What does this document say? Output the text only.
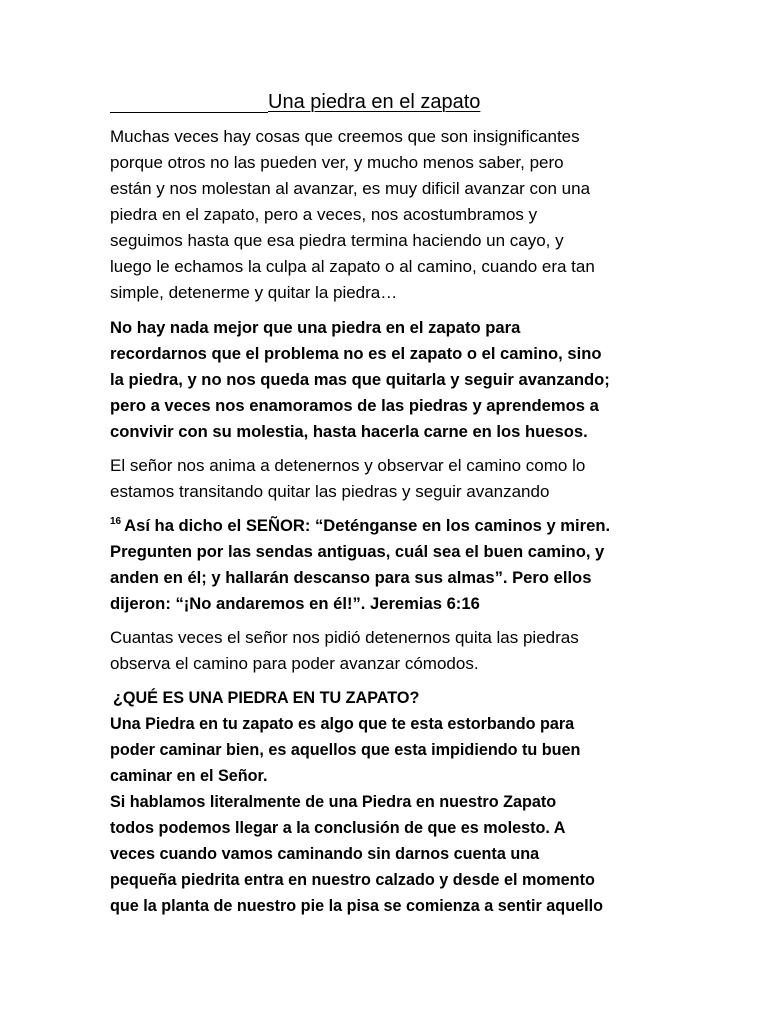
Una piedra en el zapato

Muchas veces hay cosas que creemos que son insignificantes
porque otros no las pueden ver, y mucho menos saber, pero
están y nos molestan al avanzar, es muy dificil avanzar con una
piedra en el zapato, pero a veces, nos acostumbramos y
seguimos hasta que esa piedra termina haciendo un cayo, y
luego le echamos la culpa al zapato o al camino, cuando era tan
simple, detenerme y quitar la piedra…

No hay nada mejor que una piedra en el zapato para
recordarnos que el problema no es el zapato o el camino, sino
la piedra, y no nos queda mas que quitarla y seguir avanzando;
pero a veces nos enamoramos de las piedras y aprendemos a
convivir con su molestia, hasta hacerla carne en los huesos.

El señor nos anima a detenernos y observar el camino como lo
estamos transitando quitar las piedras y seguir avanzando

$^{16}$ Así ha dicho el SEÑOR: “Deténganse en los caminos y miren.
Pregunten por las sendas antiguas, cuál sea el buen camino, y
anden en él; y hallarán descanso para sus almas”. Pero ellos
dijeron: “¡No andaremos en él!”. Jeremias 6:16

Cuantas veces el señor nos pidió detenernos quita las piedras
observa el camino para poder avanzar cómodos.

¿QUÉ ES UNA PIEDRA EN TU ZAPATO?
Una Piedra en tu zapato es algo que te esta estorbando para
poder caminar bien, es aquellos que esta impidiendo tu buen
caminar en el Señor.
Si hablamos literalmente de una Piedra en nuestro Zapato
todos podemos llegar a la conclusión de que es molesto. A
veces cuando vamos caminando sin darnos cuenta una
pequeña piedrita entra en nuestro calzado y desde el momento
que la planta de nuestro pie la pisa se comienza a sentir aquello
